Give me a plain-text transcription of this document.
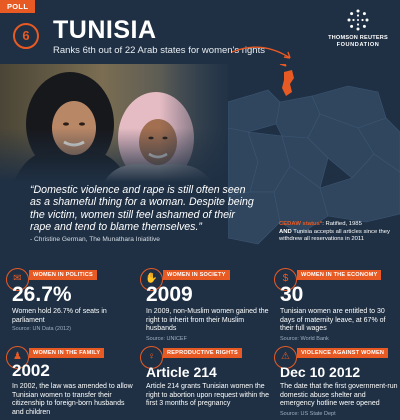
POLL
6 TUNISIA
Ranks 6th out of 22 Arab states for women's rights
THOMSON REUTERS
FOUNDATION
“Domestic violence and rape is still often seen as a shameful thing for a woman. Despite being the victim, women still feel ashamed of their rape and tend to blame themselves.”
- Christine German, The Munathara Iniatitive
CEDAW status*: Ratified, 1985
AND Tunisia accepts all articles since they withdrew all reservations in 2011
✉	WOMEN IN POLITICS
26.7%
Women hold 26.7% of seats in parliament
Source: UN Data (2012)
✋	WOMEN IN SOCIETY
2009
In 2009, non-Muslim women gained the right to inherit from their Muslim husbands
Source: UNICEF
$	WOMEN IN THE ECONOMY
30
Tunisian women are entitled to 30 days of maternity leave, at 67% of their full wages
Source: World Bank
♟	WOMEN IN THE FAMILY
2002
In 2002, the law was amended to allow Tunisian women to transfer their citizenship to foreign-born husbands and children
♀	REPRODUCTIVE RIGHTS
Article 214
Article 214 grants Tunisian women the right to abortion upon request within the first 3 months of pregnancy
⚠	VIOLENCE AGAINST WOMEN
Dec 10 2012
The date that the first government-run domestic abuse shelter and emergency hotline were opened
Source: US State Dept
